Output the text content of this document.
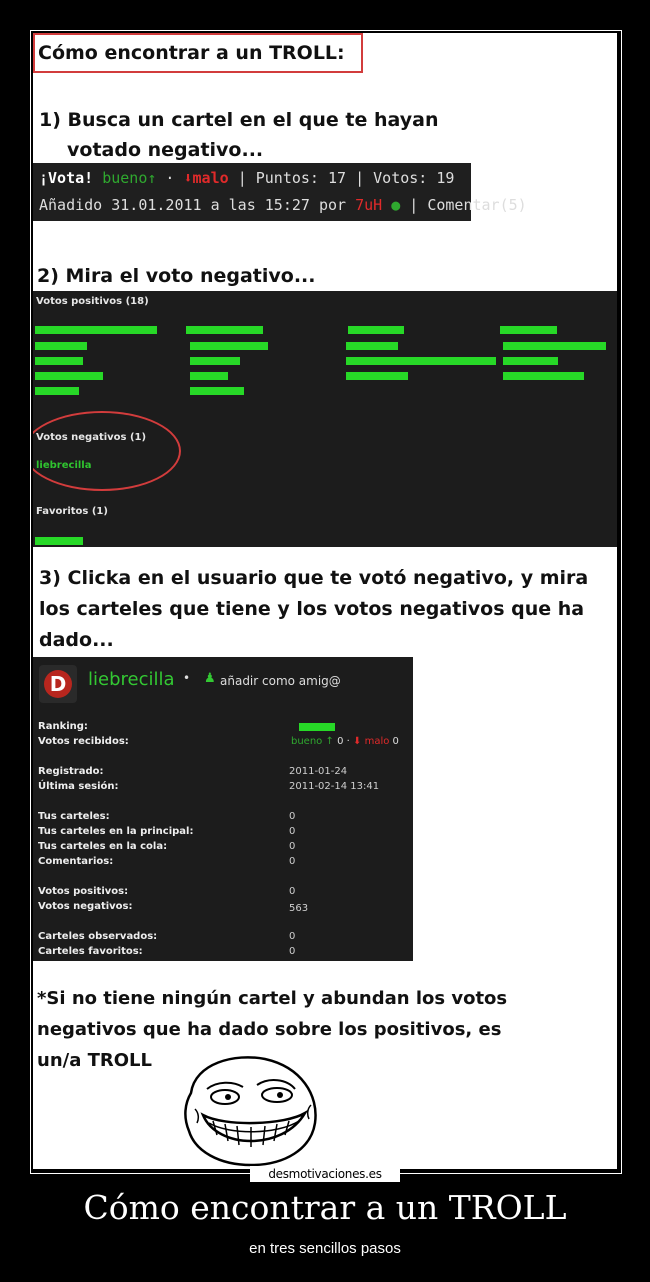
Cómo encontrar a un TROLL:
1) Busca un cartel en el que te hayan
votado negativo...
¡Vota! bueno↑ · ⬇malo | Puntos: 17 | Votos: 19
Añadido 31.01.2011 a las 15:27 por 7uH ● | Comentar(5)
2) Mira el voto negativo...
Votos positivos (18)
Votos negativos (1)
liebrecilla
Favoritos (1)
3) Clicka en el usuario que te votó negativo, y mira
los carteles que tiene y los votos negativos que ha
dado...
D	liebrecilla • ♟ añadir como amig@
Ranking:
Votos recibidos:	bueno ↑ 0 · ⬇ malo 0
Registrado:	2011-01-24
Última sesión:	2011-02-14 13:41
Tus carteles:	0
Tus carteles en la principal:	0
Tus carteles en la cola:	0
Comentarios:	0
Votos positivos:	0
Votos negativos:	563
Carteles observados:	0
Carteles favoritos:	0
*Si no tiene ningún cartel y abundan los votos
negativos que ha dado sobre los positivos, es
un/a TROLL
desmotivaciones.es
Cómo encontrar a un TROLL
en tres sencillos pasos
